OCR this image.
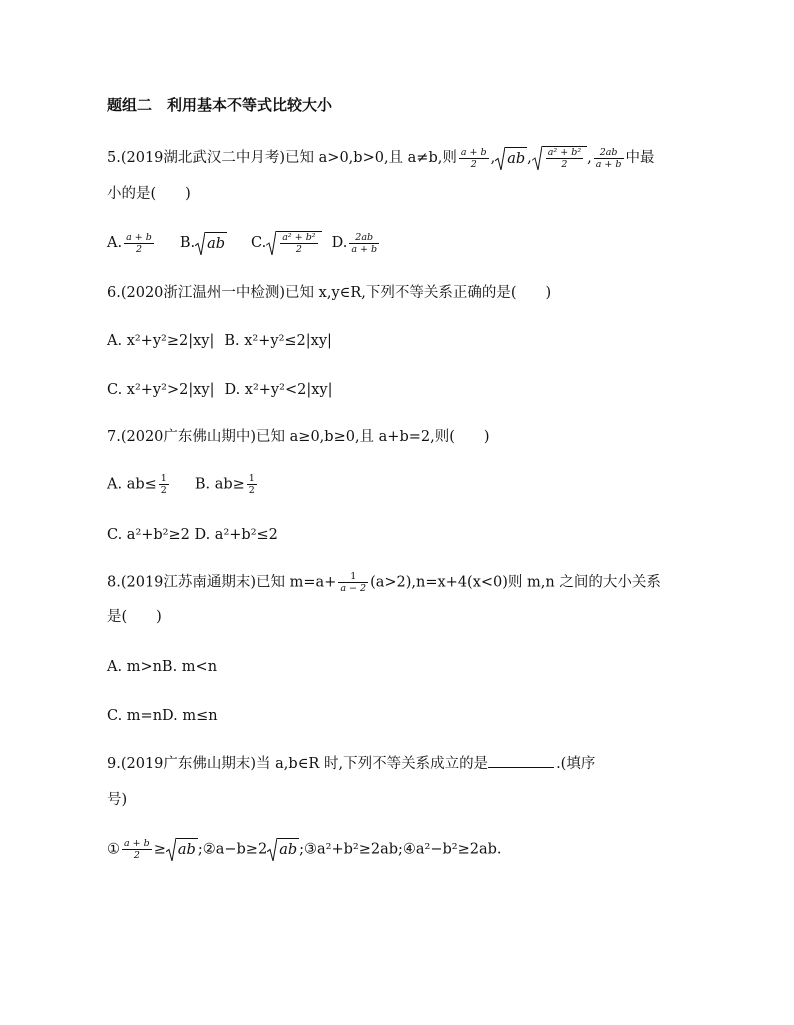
题组二　利用基本不等式比较大小
5.(2019湖北武汉二中月考)已知 a>0,b>0,且 a≠b,则 $\frac{a + b}{2}$ , ab , $\frac{\text{a² + b²}}{2}$ , $\frac{2ab}{a + b}$ 中最
小的是(　　)
A. $\frac{a + b}{2} B$. ab C. $\frac{\text{a² + b²}}{2} D$. $\frac{2ab}{a + b}$
6.(2020浙江温州一中检测)已知 x,y∈R,下列不等关系正确的是(　　)
A. x²+y²≥2|xy| B. x²+y²≤2|xy|
C. x²+y²>2|xy| D. x²+y²<2|xy|
7.(2020广东佛山期中)已知 a≥0,b≥0,且 a+b=2,则(　　)
A. $ab\le \frac{1}{2} B$. $ab\ge \frac{1}{2}$
C. a²+b²≥2 D. a²+b²≤2
8.(2019江苏南通期末)已知 $m=a+ \frac{1}{a - 2} (a>2),n=x+4(x<0)$则 m,n 之间的大小关系
是(　　)
A. m>nB. m<n
C. m=nD. m≤n
9.(2019广东佛山期末)当 a,b∈R 时,下列不等关系成立的是	.(填序
号)
① $\frac{a + b}{2}$ ≥ ab ;②a−b≥2 ab ;③a²+b²≥2ab;④a²−b²≥2ab.
